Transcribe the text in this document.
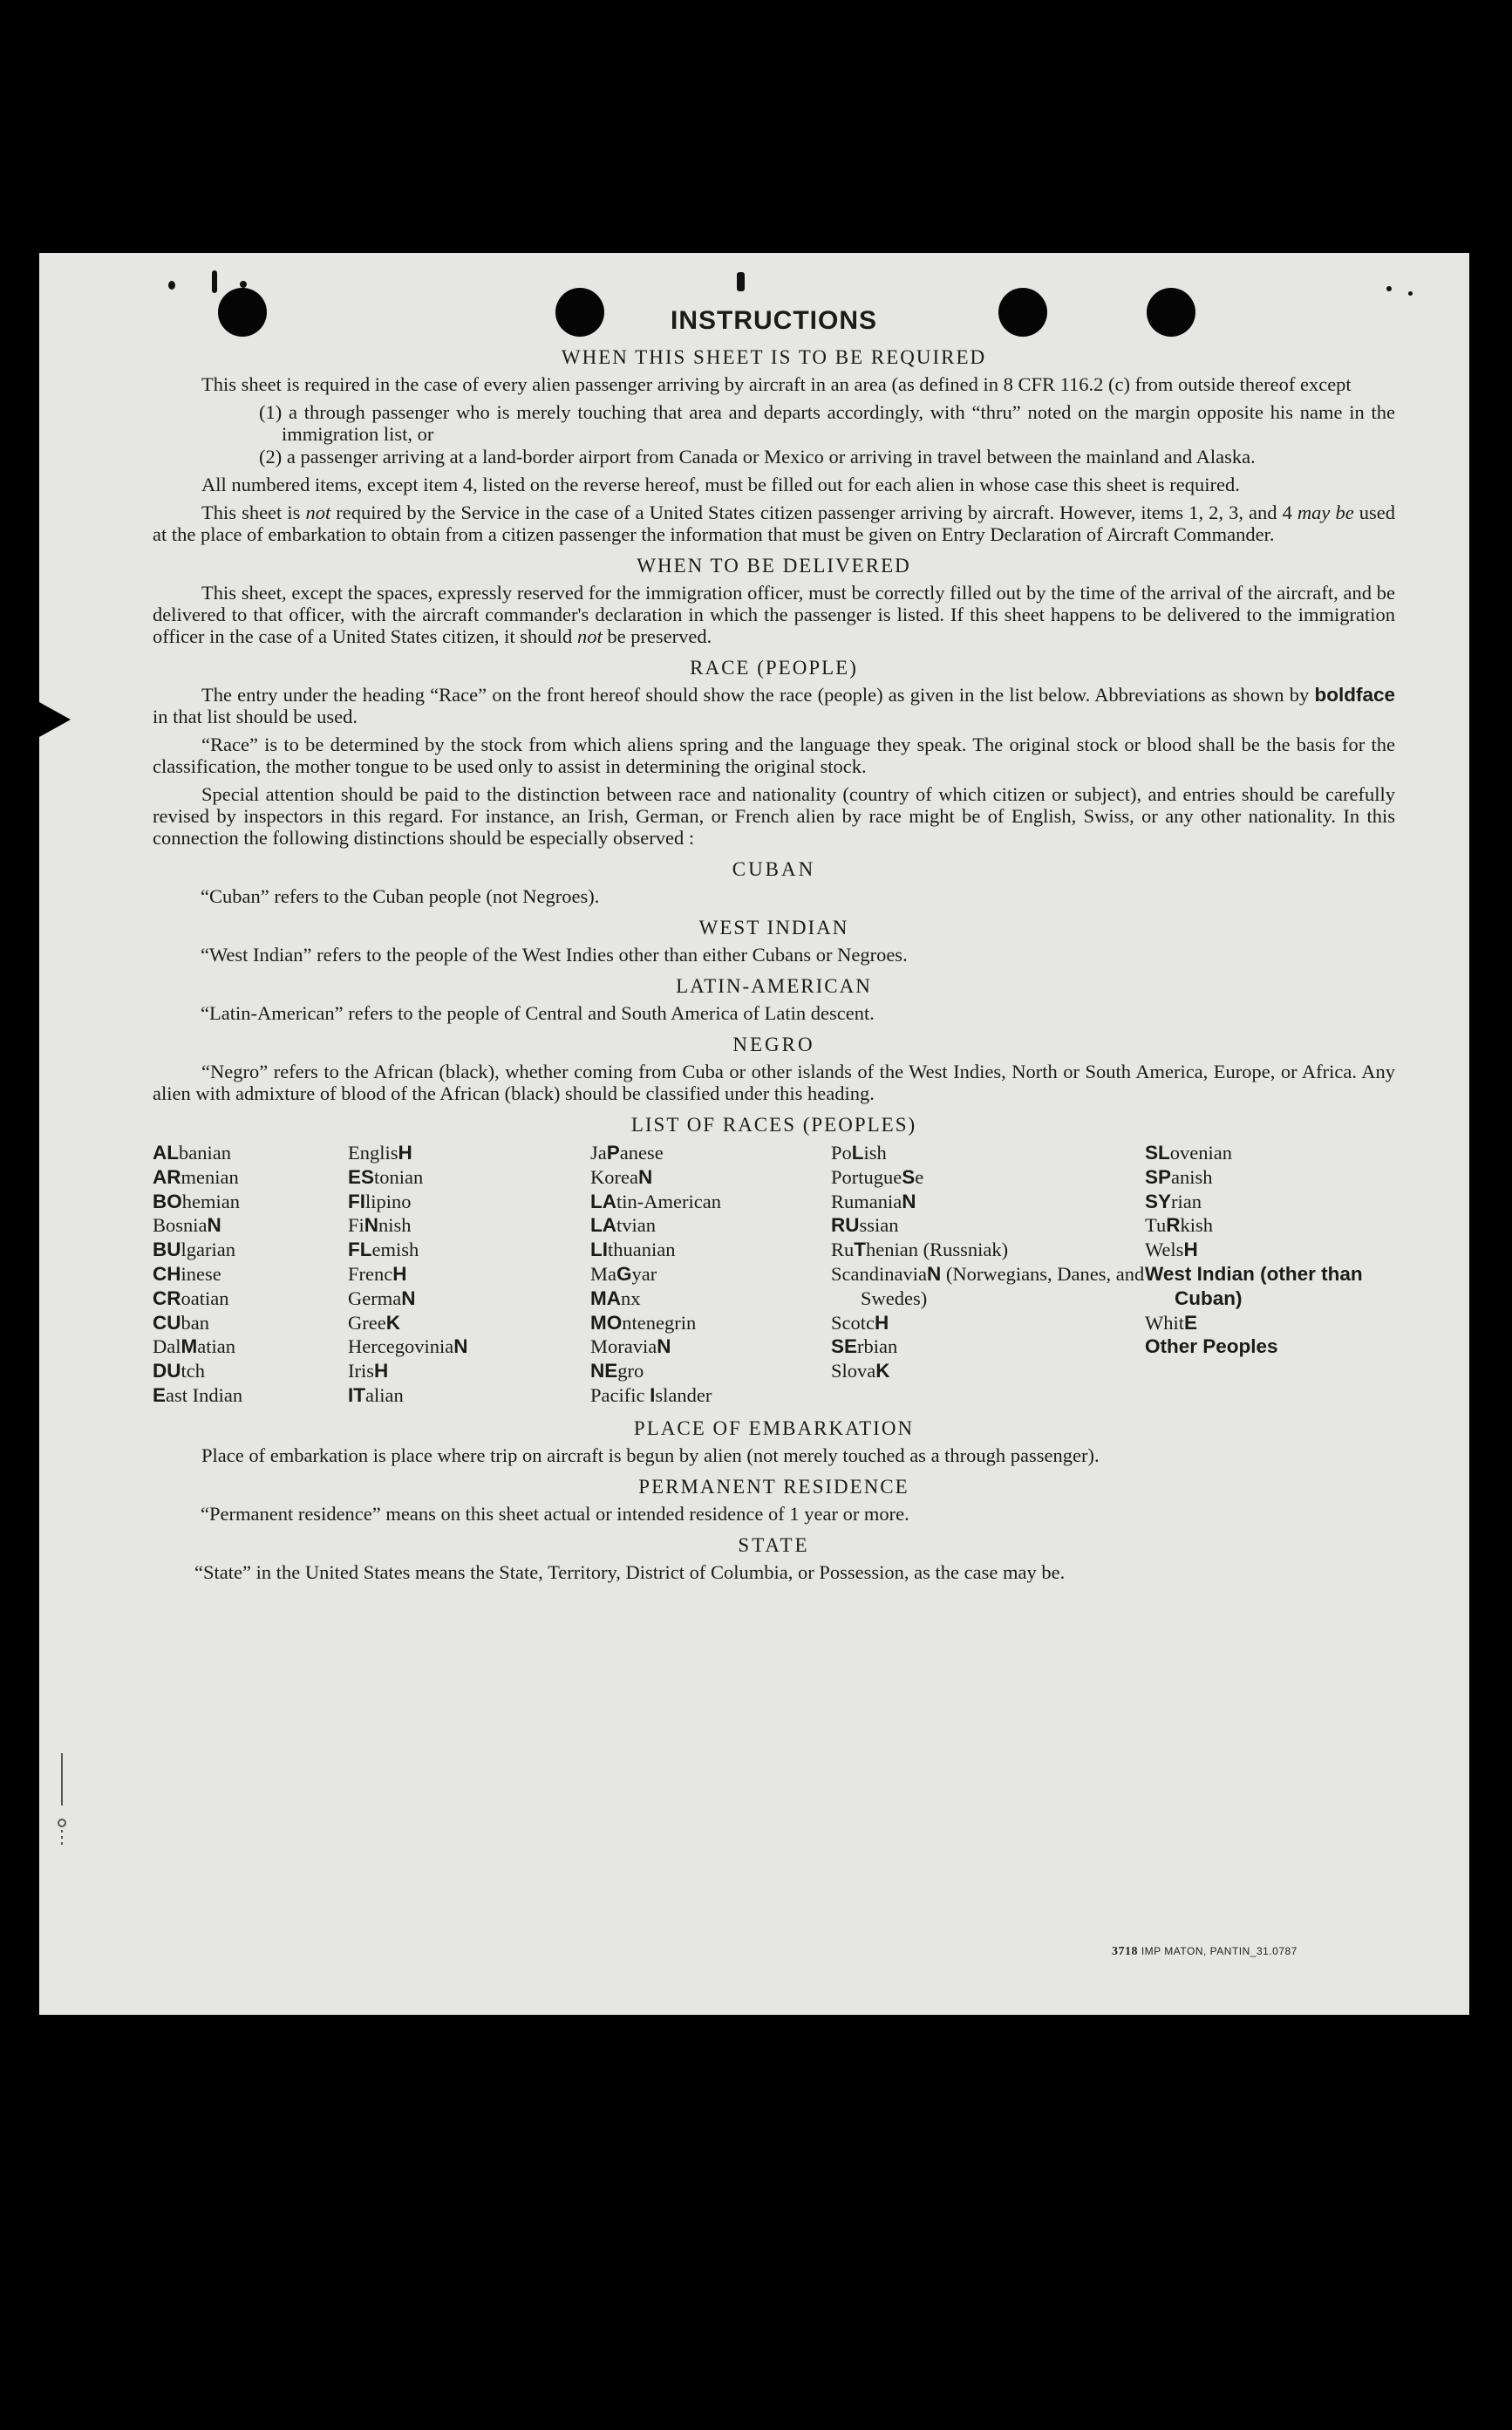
INSTRUCTIONS
WHEN THIS SHEET IS TO BE REQUIRED

This sheet is required in the case of every alien passenger arriving by aircraft in an area (as defined in 8 CFR 116.2 (c) from outside thereof except

(1) a through passenger who is merely touching that area and departs accordingly, with “thru” noted on the margin opposite his name in the immigration list, or
(2) a passenger arriving at a land-border airport from Canada or Mexico or arriving in travel between the mainland and Alaska.

All numbered items, except item 4, listed on the reverse hereof, must be filled out for each alien in whose case this sheet is required.

This sheet is not required by the Service in the case of a United States citizen passenger arriving by aircraft. However, items 1, 2, 3, and 4 may be used at the place of embarkation to obtain from a citizen passenger the information that must be given on Entry Declaration of Aircraft Commander.

WHEN TO BE DELIVERED

This sheet, except the spaces, expressly reserved for the immigration officer, must be correctly filled out by the time of the arrival of the aircraft, and be delivered to that officer, with the aircraft commander's declaration in which the passenger is listed. If this sheet happens to be delivered to the immigration officer in the case of a United States citizen, it should not be preserved.

RACE (PEOPLE)

The entry under the heading “Race” on the front hereof should show the race (people) as given in the list below. Abbreviations as shown by boldface in that list should be used.

“Race” is to be determined by the stock from which aliens spring and the language they speak. The original stock or blood shall be the basis for the classification, the mother tongue to be used only to assist in determining the original stock.

Special attention should be paid to the distinction between race and nationality (country of which citizen or subject), and entries should be carefully revised by inspectors in this regard. For instance, an Irish, German, or French alien by race might be of English, Swiss, or any other nationality. In this connection the following distinctions should be especially observed :

CUBAN
“Cuban” refers to the Cuban people (not Negroes).
WEST INDIAN
“West Indian” refers to the people of the West Indies other than either Cubans or Negroes.
LATIN-AMERICAN
“Latin-American” refers to the people of Central and South America of Latin descent.
NEGRO

“Negro” refers to the African (black), whether coming from Cuba or other islands of the West Indies, North or South America, Europe, or Africa. Any alien with admixture of blood of the African (black) should be classified under this heading.

LIST OF RACES (PEOPLES)
ALbanian
ARmenian
BOhemian
BosniaN
BUlgarian
CHinese
CRoatian
CUban
DalMatian
DUtch
East Indian
EnglisH
EStonian
FIlipino
FiNnish
FLemish
FrencH
GermaN
GreeK
HercegoviniaN
IrisH
ITalian
JaPanese
KoreaN
LAtin-American
LAtvian
LIthuanian
MaGyar
MAnx
MOntenegrin
MoraviaN
NEgro
Pacific Islander
PoLish
PortugueSe
RumaniaN
RUssian
RuThenian (Russniak)
ScandinaviaN (Norwegians, Danes, and Swedes)
ScotcH
SErbian
SlovaK
SLovenian
SPanish
SYrian
TuRkish
WelsH
West Indian (other than Cuban)
WhitE
Other Peoples
PLACE OF EMBARKATION

Place of embarkation is place where trip on aircraft is begun by alien (not merely touched as a through passenger).

PERMANENT RESIDENCE
“Permanent residence” means on this sheet actual or intended residence of 1 year or more.
STATE
“State” in the United States means the State, Territory, District of Columbia, or Possession, as the case may be.
3718 IMP MATON, PANTIN_31.0787
